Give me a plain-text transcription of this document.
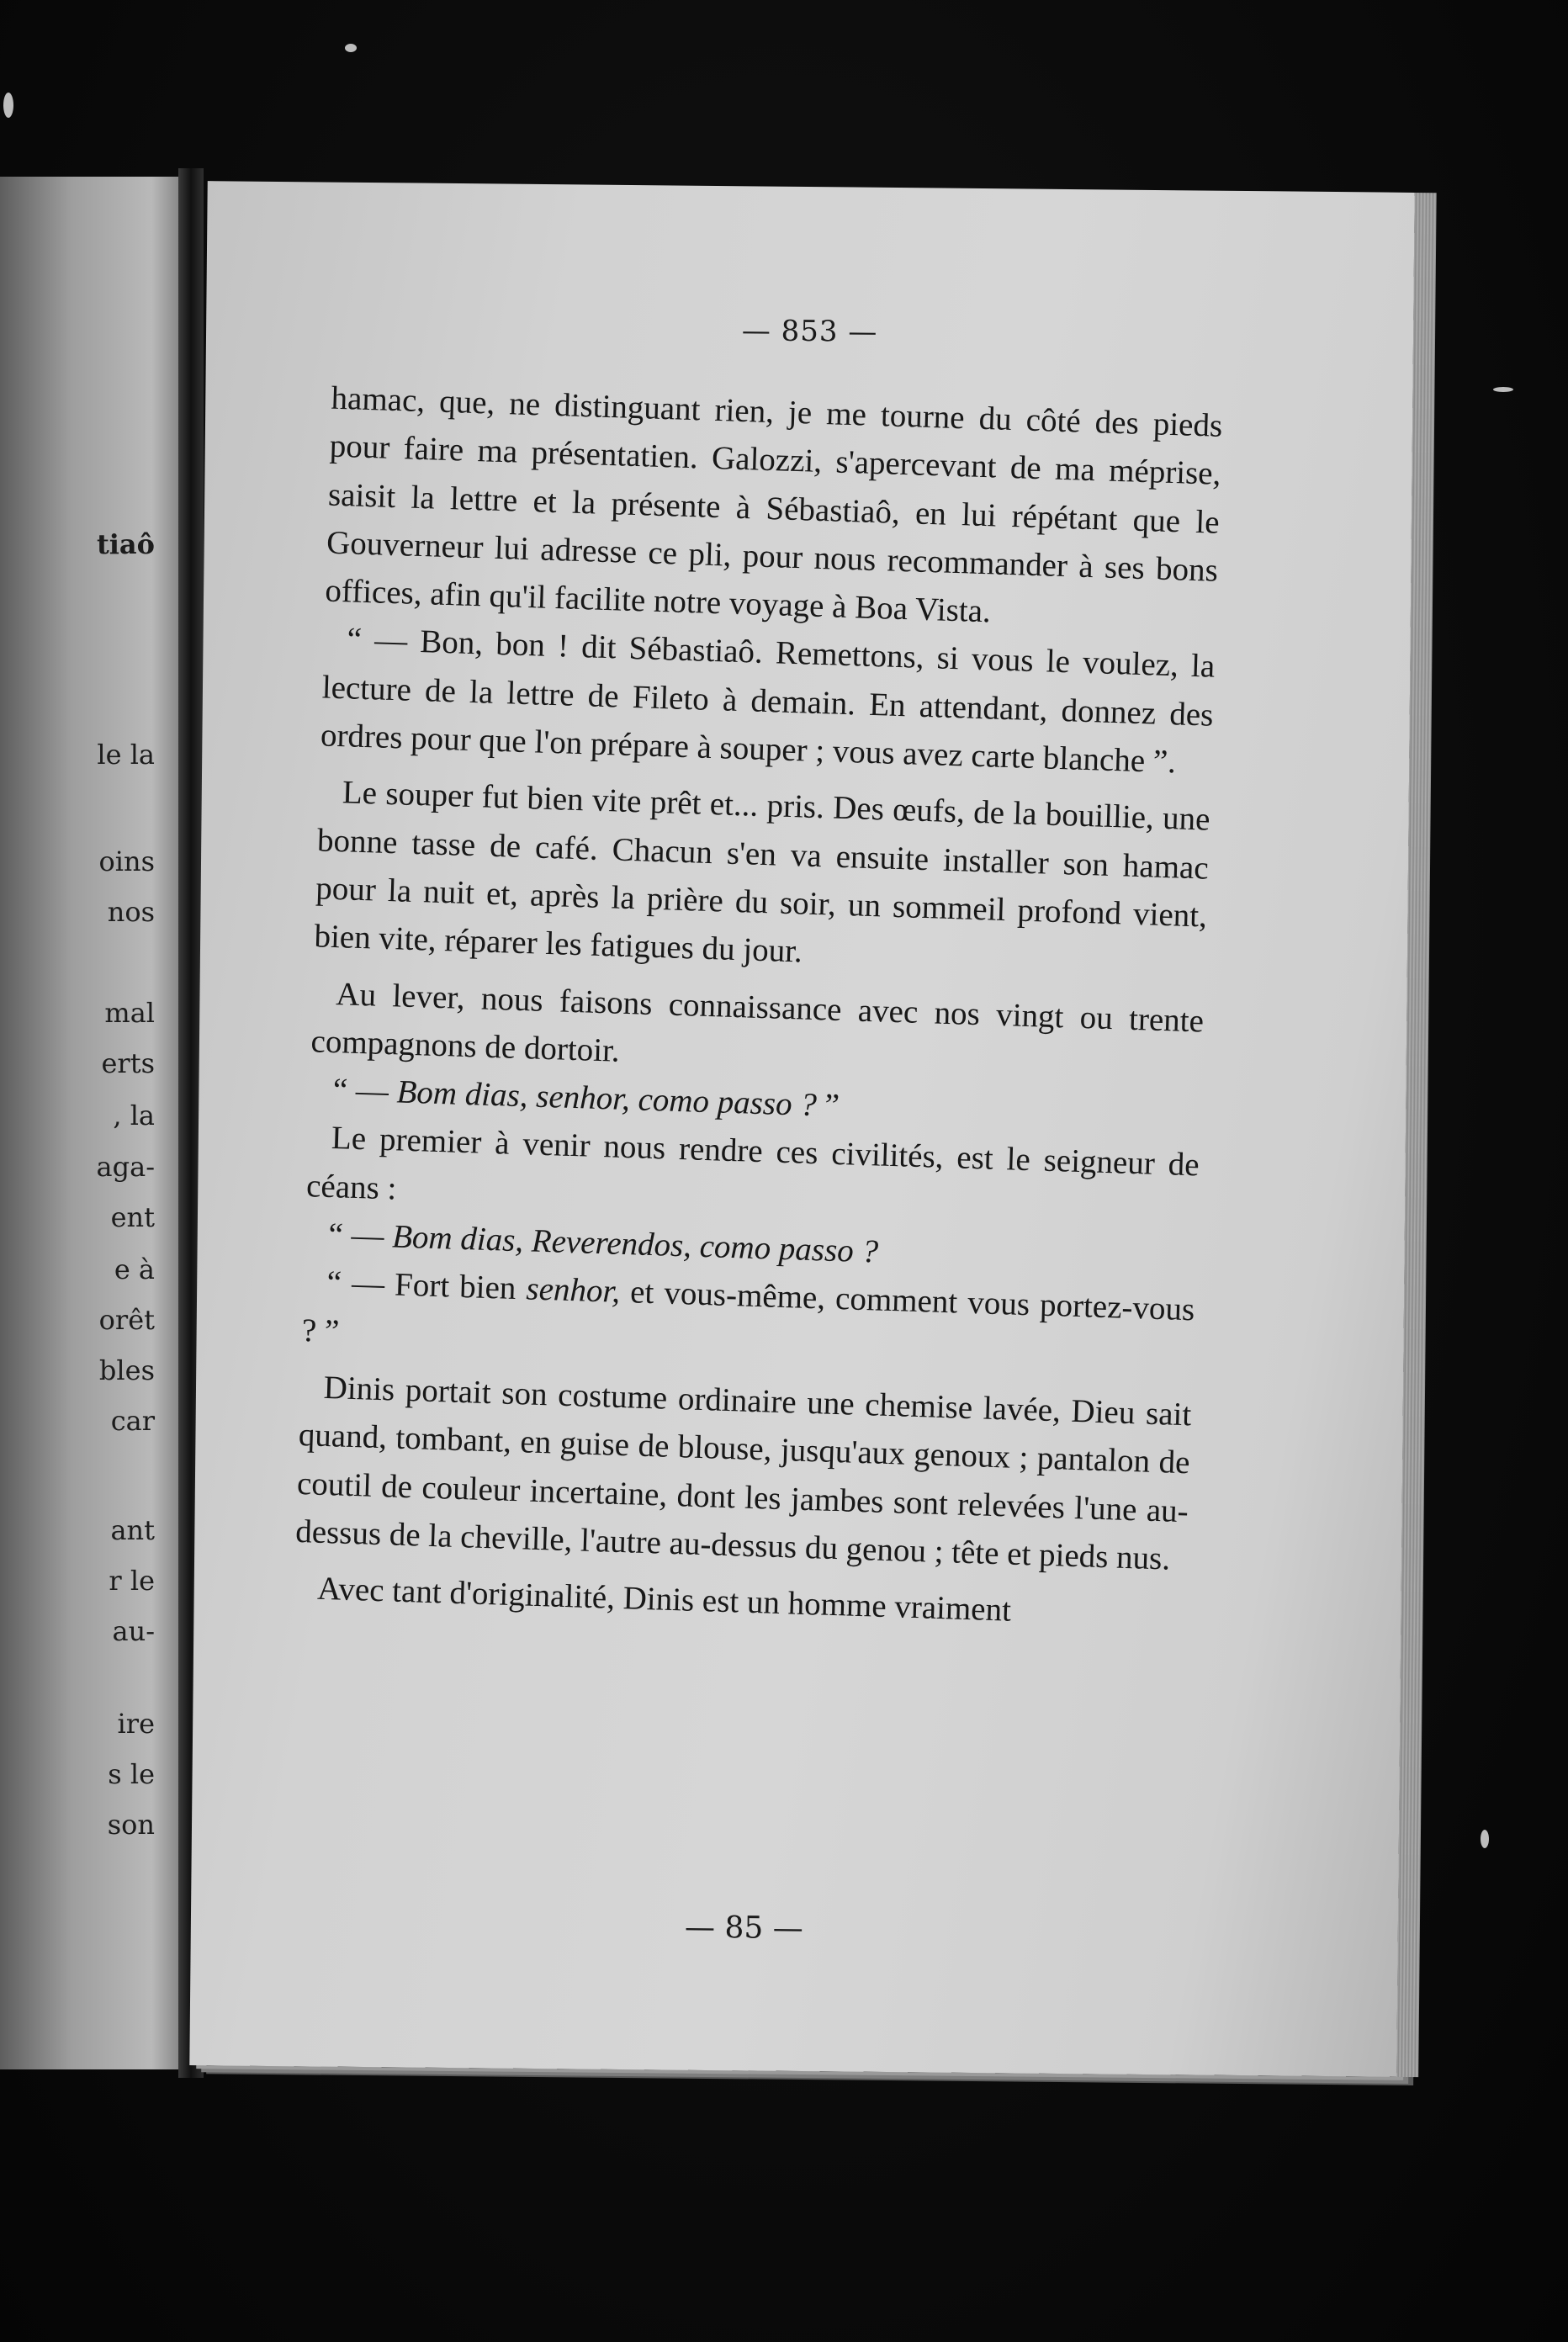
tiaô
le la
oins
nos
mal
erts
, la
aga-
ent
e à
orêt
bles
car
ant
r le
au-
ire
s le
son
— 853 —

hamac, que, ne distinguant rien, je me tourne du côté des pieds pour faire ma présentatien. Galozzi, s'apercevant de ma méprise, saisit la lettre et la présente à Sébastiaô, en lui répétant que le Gouverneur lui adresse ce pli, pour nous recommander à ses bons offices, afin qu'il facilite notre voyage à Boa Vista.

“ — Bon, bon ! dit Sébastiaô. Remettons, si vous le voulez, la lecture de la lettre de Fileto à demain. En attendant, donnez des ordres pour que l'on prépare à souper ; vous avez carte blanche ”.

Le souper fut bien vite prêt et... pris. Des œufs, de la bouillie, une bonne tasse de café. Chacun s'en va ensuite installer son hamac pour la nuit et, après la prière du soir, un sommeil profond vient, bien vite, réparer les fatigues du jour.

Au lever, nous faisons connaissance avec nos vingt ou trente compagnons de dortoir.

“ — Bom dias, senhor, como passo ? ”

Le premier à venir nous rendre ces civilités, est le seigneur de céans :

“ — Bom dias, Reverendos, como passo ?

“ — Fort bien senhor, et vous-même, comment vous portez-vous ? ”

Dinis portait son costume ordinaire une chemise lavée, Dieu sait quand, tombant, en guise de blouse, jusqu'aux genoux ; pantalon de coutil de couleur incertaine, dont les jambes sont relevées l'une au-dessus de la cheville, l'autre au-dessus du genou ; tête et pieds nus.

Avec tant d'originalité, Dinis est un homme vraiment

— 85 —
